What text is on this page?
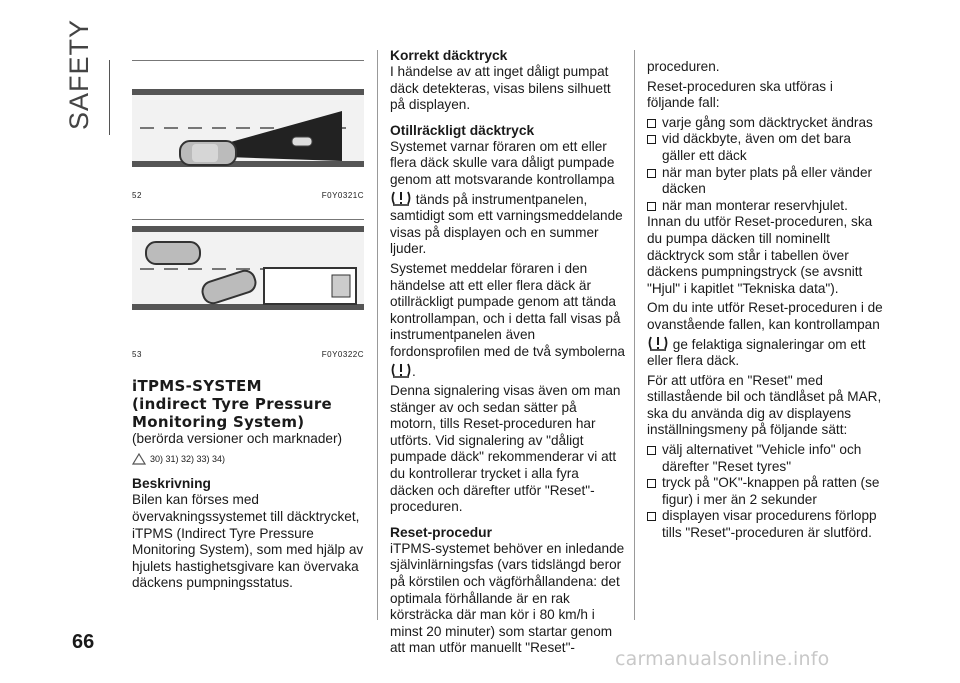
SAFETY
66
52	F0Y0321C
53	F0Y0322C
iTPMS-SYSTEM
(indirect Tyre Pressure
Monitoring System)

(berörda versioner och marknader)

30) 31) 32) 33) 34)
Beskrivning

Bilen kan förses med övervakningssystemet till däcktrycket, iTPMS (Indirect Tyre Pressure Monitoring System), som med hjälp av hjulets hastighetsgivare kan övervaka däckens pumpningsstatus.

Korrekt däcktryck

I händelse av att inget dåligt pumpat däck detekteras, visas bilens silhuett på displayen.

Otillräckligt däcktryck

Systemet varnar föraren om ett eller flera däck skulle vara dåligt pumpade genom att motsvarande kontrollampa  tänds på instrumentpanelen, samtidigt som ett varningsmeddelande visas på displayen och en summer ljuder.

Systemet meddelar föraren i den händelse att ett eller flera däck är otillräckligt pumpade genom att tända kontrollampan, och i detta fall visas på instrumentpanelen även fordonsprofilen med de två symbolerna .

Denna signalering visas även om man stänger av och sedan sätter på motorn, tills Reset-proceduren har utförts. Vid signalering av "dåligt pumpade däck" rekommenderar vi att du kontrollerar trycket i alla fyra däcken och därefter utför "Reset"-proceduren.

Reset-procedur

iTPMS-systemet behöver en inledande självinlärningsfas (vars tidslängd beror på körstilen och vägförhållandena: det optimala förhållande är en rak körsträcka där man kör i 80 km/h i minst 20 minuter) som startar genom att man utför manuellt "Reset"-

proceduren.

Reset-proceduren ska utföras i följande fall:

varje gång som däcktrycket ändras
vid däckbyte, även om det bara gäller ett däck
när man byter plats på eller vänder däcken
när man monterar reservhjulet.

Innan du utför Reset-proceduren, ska du pumpa däcken till nominellt däcktryck som står i tabellen över däckens pumpningstryck (se avsnitt "Hjul" i kapitlet "Tekniska data").

Om du inte utför Reset-proceduren i de ovanstående fallen, kan kontrollampan  ge felaktiga signaleringar om ett eller flera däck.

För att utföra en "Reset" med stillastående bil och tändlåset på MAR, ska du använda dig av displayens inställningsmeny på följande sätt:

välj alternativet "Vehicle info" och därefter "Reset tyres"
tryck på "OK"-knappen på ratten (se figur) i mer än 2 sekunder
displayen visar procedurens förlopp tills "Reset"-proceduren är slutförd.
carmanualsonline.info
